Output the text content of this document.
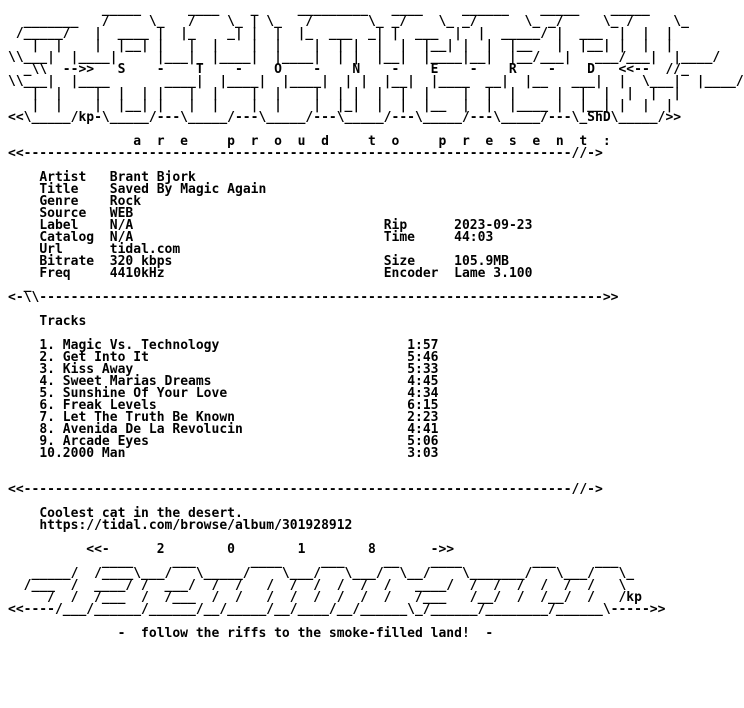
_____      ____    _     _________   ____     ______    _____    _____
_______   /     \_   /    \_ | \_   /       \_ _/    \_ _/      \_ _/     \_ /     \_
/_____/   |  ____ |  |_    _| |  |  |_  ___  _| |  ___  |  |  _____/ |  ___  |  |  |
|  |    |  |__| |   |  |    |  |    |  | |  |  |  |__| |  |  |__   |  |__| |  |  |
\\___|  |____|     |___|  |____|  |____|  | |  |__|  |____|__|  |__/___|   ___/___|  |____/
_\\  -->>   S    -    T    -    O    -    N    -    E    -    R    -    D   <<--  //_
\\___|  |____       ____|  |____|  |____|  | |  |__|  |____  __|  |__   ___|  |  \___|  |____/
|  |    |  |  | |   |  |    |  |    |  | |  |  |  |    |  |  |     |  |  |  |  |  |
|  |    |  |__| |   |  |    |  |    |  |_|  |  |  |__  |  |  |____ |  |__| |  |  |
<<\_____/kp-\_____/---\_____/---\_____/---\_____/---\_____/---\_____/---\_ShD\_____/>>

a  r  e     p  r  o  u  d     t  o     p  r  e  s  e  n  t  :
<<----------------------------------------------------------------------//->

Artist Brant Bjork
Title Saved By Magic Again
Genre Rock
Source WEB
Label N/A	Rip	2023-09-23
Catalog N/A	Time	44:03
Url	tidal.com
Bitrate 320 kbps	Size	105.9MB
Freq	4410kHz	Encoder Lame 3.100
_
<-\\------------------------------------------------------------------------>>

Tracks

1. Magic Vs. Technology	1:57
2. Get Into It	5:46
3. Kiss Away	5:33
4. Sweet Marias Dreams	4:45
5. Sunshine Of Your Love	4:34
6. Freak Levels	6:15
7. Let The Truth Be Known	2:23
8. Avenida De La Revolucin	4:41
9. Arcade Eyes	5:06
10.2000 Man	3:03

<<----------------------------------------------------------------------//->

Coolest cat in the desert.
https://tidal.com/browse/album/301928912

<<-      2        0        1        8       ->>
____     ___       ____     ___     __    ____         ___     ___
_____/  /____\___/   \_____/    \___/   \___/  \__/    \_______/   \___/   \_
/___  /  ____/ /  ___/  /  /   /  /  /  /  /  /   ____/  /  /  /  /  /  /   \
/  /  /___  /  /___  /  /   /  /  /  /  /  /   /___   /__/  /  /__/  /   /kp
<<----/___/______/______/__/_____/__/____/__/______\_/______/________/______\----->>

-  follow the riffs to the smoke-filled land!  -
